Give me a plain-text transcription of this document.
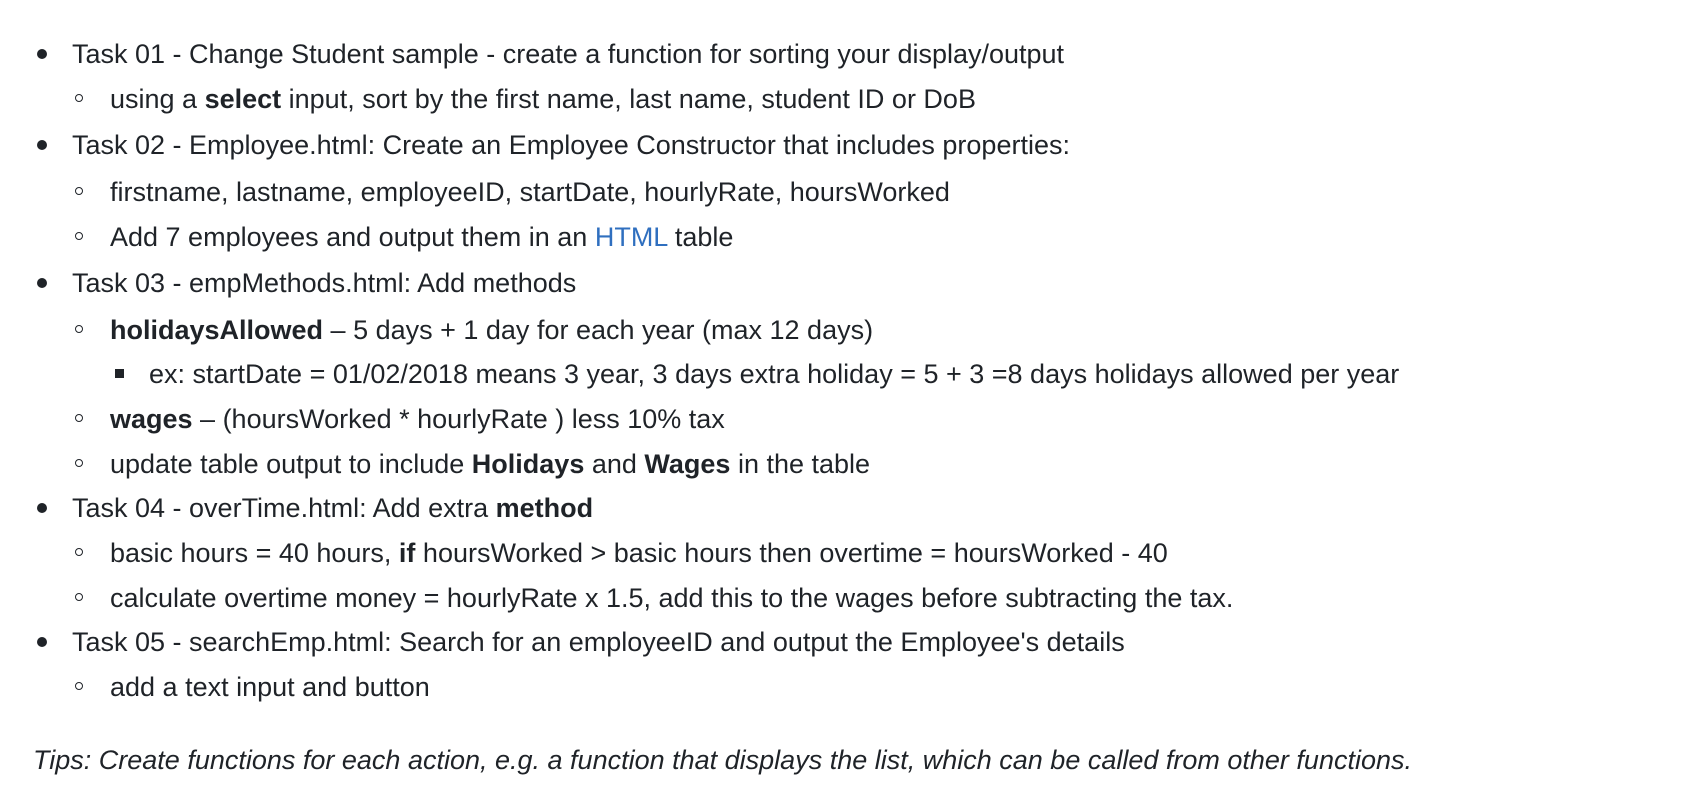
Task 01 - Change Student sample - create a function for sorting your display/output
using a select input, sort by the first name, last name, student ID or DoB
Task 02 - Employee.html: Create an Employee Constructor that includes properties:
firstname, lastname, employeeID, startDate, hourlyRate, hoursWorked
Add 7 employees and output them in an HTML table
Task 03 - empMethods.html: Add methods
holidaysAllowed – 5 days + 1 day for each year (max 12 days)
ex: startDate = 01/02/2018 means 3 year, 3 days extra holiday = 5 + 3 =8 days holidays allowed per year
wages – (hoursWorked * hourlyRate ) less 10% tax
update table output to include Holidays and Wages in the table
Task 04 - overTime.html: Add extra method
basic hours = 40 hours, if hoursWorked > basic hours then overtime = hoursWorked - 40
calculate overtime money = hourlyRate x 1.5, add this to the wages before subtracting the tax.
Task 05 - searchEmp.html: Search for an employeeID and output the Employee's details
add a text input and button
Tips: Create functions for each action, e.g. a function that displays the list, which can be called from other functions.
